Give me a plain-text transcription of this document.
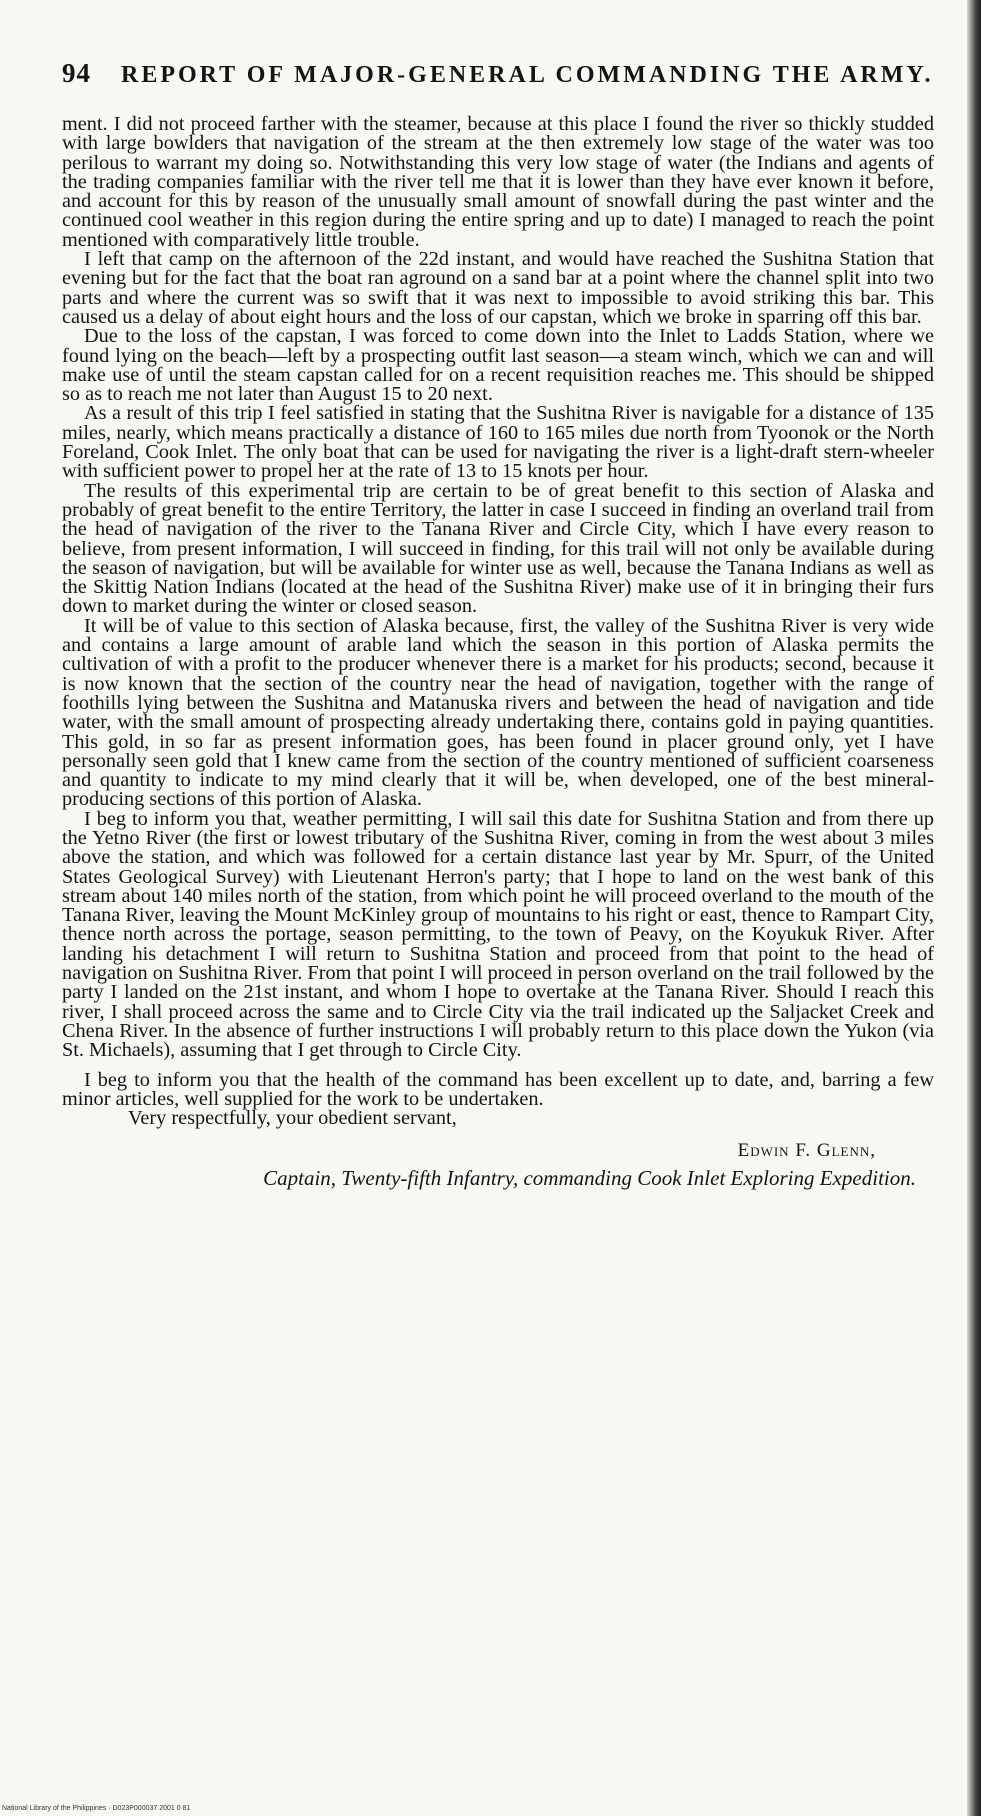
94 REPORT OF MAJOR-GENERAL COMMANDING THE ARMY.

ment. I did not proceed farther with the steamer, because at this place I found the river so thickly studded with large bowlders that navigation of the stream at the then extremely low stage of the water was too perilous to warrant my doing so. Notwithstanding this very low stage of water (the Indians and agents of the trading companies familiar with the river tell me that it is lower than they have ever known it before, and account for this by reason of the unusually small amount of snowfall during the past winter and the continued cool weather in this region during the entire spring and up to date) I managed to reach the point mentioned with comparatively little trouble.

I left that camp on the afternoon of the 22d instant, and would have reached the Sushitna Station that evening but for the fact that the boat ran aground on a sand bar at a point where the channel split into two parts and where the current was so swift that it was next to impossible to avoid striking this bar. This caused us a delay of about eight hours and the loss of our capstan, which we broke in sparring off this bar.

Due to the loss of the capstan, I was forced to come down into the Inlet to Ladds Station, where we found lying on the beach—left by a prospecting outfit last season—a steam winch, which we can and will make use of until the steam capstan called for on a recent requisition reaches me. This should be shipped so as to reach me not later than August 15 to 20 next.

As a result of this trip I feel satisfied in stating that the Sushitna River is navigable for a distance of 135 miles, nearly, which means practically a distance of 160 to 165 miles due north from Tyoonok or the North Foreland, Cook Inlet. The only boat that can be used for navigating the river is a light-draft stern-wheeler with sufficient power to propel her at the rate of 13 to 15 knots per hour.

The results of this experimental trip are certain to be of great benefit to this section of Alaska and probably of great benefit to the entire Territory, the latter in case I succeed in finding an overland trail from the head of navigation of the river to the Tanana River and Circle City, which I have every reason to believe, from present information, I will succeed in finding, for this trail will not only be available during the season of navigation, but will be available for winter use as well, because the Tanana Indians as well as the Skittig Nation Indians (located at the head of the Sushitna River) make use of it in bringing their furs down to market during the winter or closed season.

It will be of value to this section of Alaska because, first, the valley of the Sushitna River is very wide and contains a large amount of arable land which the season in this portion of Alaska permits the cultivation of with a profit to the producer whenever there is a market for his products; second, because it is now known that the section of the country near the head of navigation, together with the range of foothills lying between the Sushitna and Matanuska rivers and between the head of navigation and tide water, with the small amount of prospecting already undertaking there, contains gold in paying quantities. This gold, in so far as present information goes, has been found in placer ground only, yet I have personally seen gold that I knew came from the section of the country mentioned of sufficient coarseness and quantity to indicate to my mind clearly that it will be, when developed, one of the best mineral-producing sections of this portion of Alaska.

I beg to inform you that, weather permitting, I will sail this date for Sushitna Station and from there up the Yetno River (the first or lowest tributary of the Sushitna River, coming in from the west about 3 miles above the station, and which was followed for a certain distance last year by Mr. Spurr, of the United States Geological Survey) with Lieutenant Herron's party; that I hope to land on the west bank of this stream about 140 miles north of the station, from which point he will proceed overland to the mouth of the Tanana River, leaving the Mount McKinley group of mountains to his right or east, thence to Rampart City, thence north across the portage, season permitting, to the town of Peavy, on the Koyukuk River. After landing his detachment I will return to Sushitna Station and proceed from that point to the head of navigation on Sushitna River. From that point I will proceed in person overland on the trail followed by the party I landed on the 21st instant, and whom I hope to overtake at the Tanana River. Should I reach this river, I shall proceed across the same and to Circle City via the trail indicated up the Saljacket Creek and Chena River. In the absence of further instructions I will probably return to this place down the Yukon (via St. Michaels), assuming that I get through to Circle City.

I beg to inform you that the health of the command has been excellent up to date, and, barring a few minor articles, well supplied for the work to be undertaken.

Very respectfully, your obedient servant,
Edwin F. Glenn,
Captain, Twenty-fifth Infantry, commanding Cook Inlet Exploring Expedition.
National Library of the Philippines · D023P000037 2001 0 81
